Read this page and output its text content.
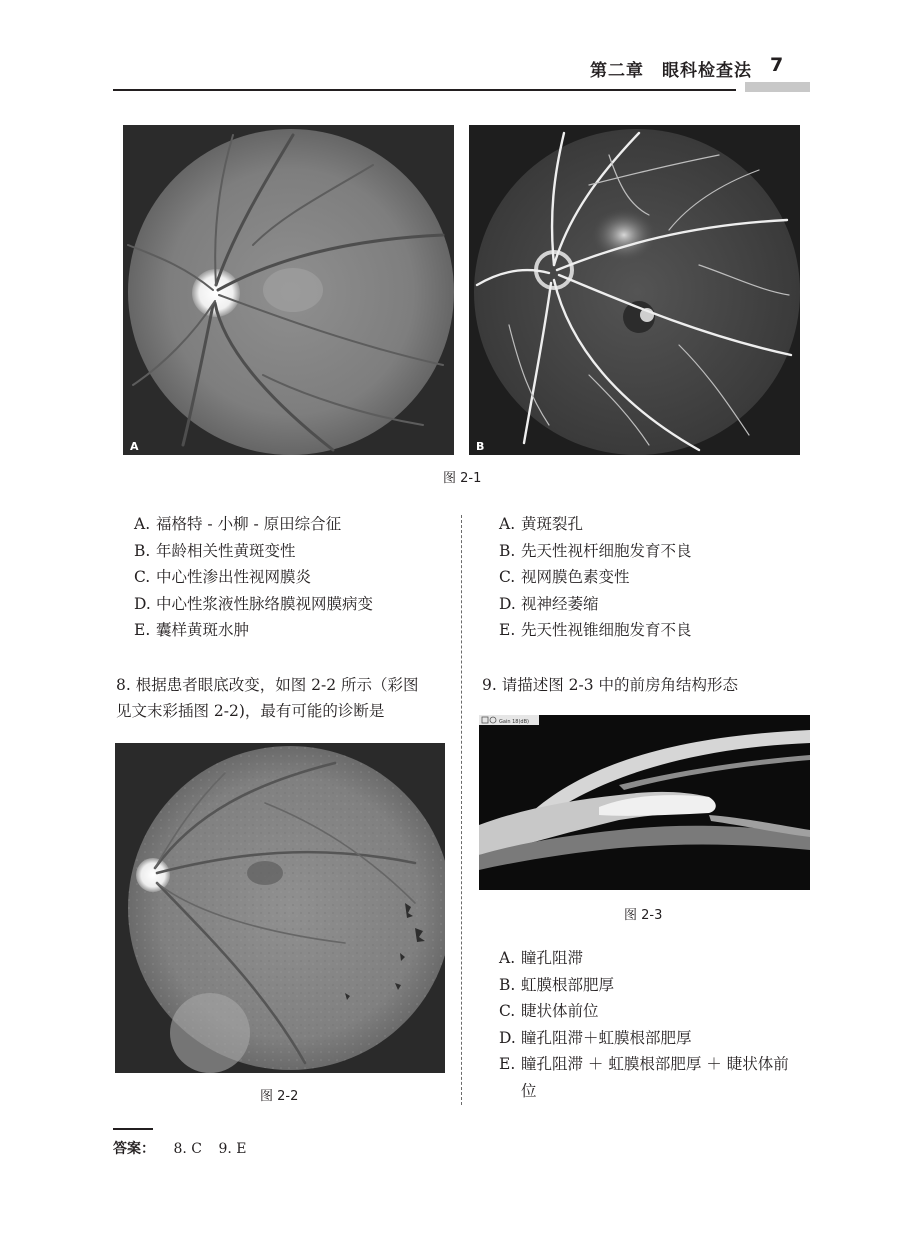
第二章　眼科检查法 7
A	B
图 2-1
A. 福格特 - 小柳 - 原田综合征
B. 年龄相关性黄斑变性
C. 中心性渗出性视网膜炎
D. 中心性浆液性脉络膜视网膜病变
E. 囊样黄斑水肿
A. 黄斑裂孔
B. 先天性视杆细胞发育不良
C. 视网膜色素变性
D. 视神经萎缩
E. 先天性视锥细胞发育不良
8. 根据患者眼底改变，如图 2-2 所示（彩图
见文末彩插图 2-2)，最有可能的诊断是
图 2-2
9. 请描述图 2-3 中的前房角结构形态
Gain 18(dB)
图 2-3
A. 瞳孔阻滞
B. 虹膜根部肥厚
C. 睫状体前位
D. 瞳孔阻滞＋虹膜根部肥厚
E. 瞳孔阻滞 ＋ 虹膜根部肥厚 ＋ 睫状体前位
答案： 8. C 9. E
